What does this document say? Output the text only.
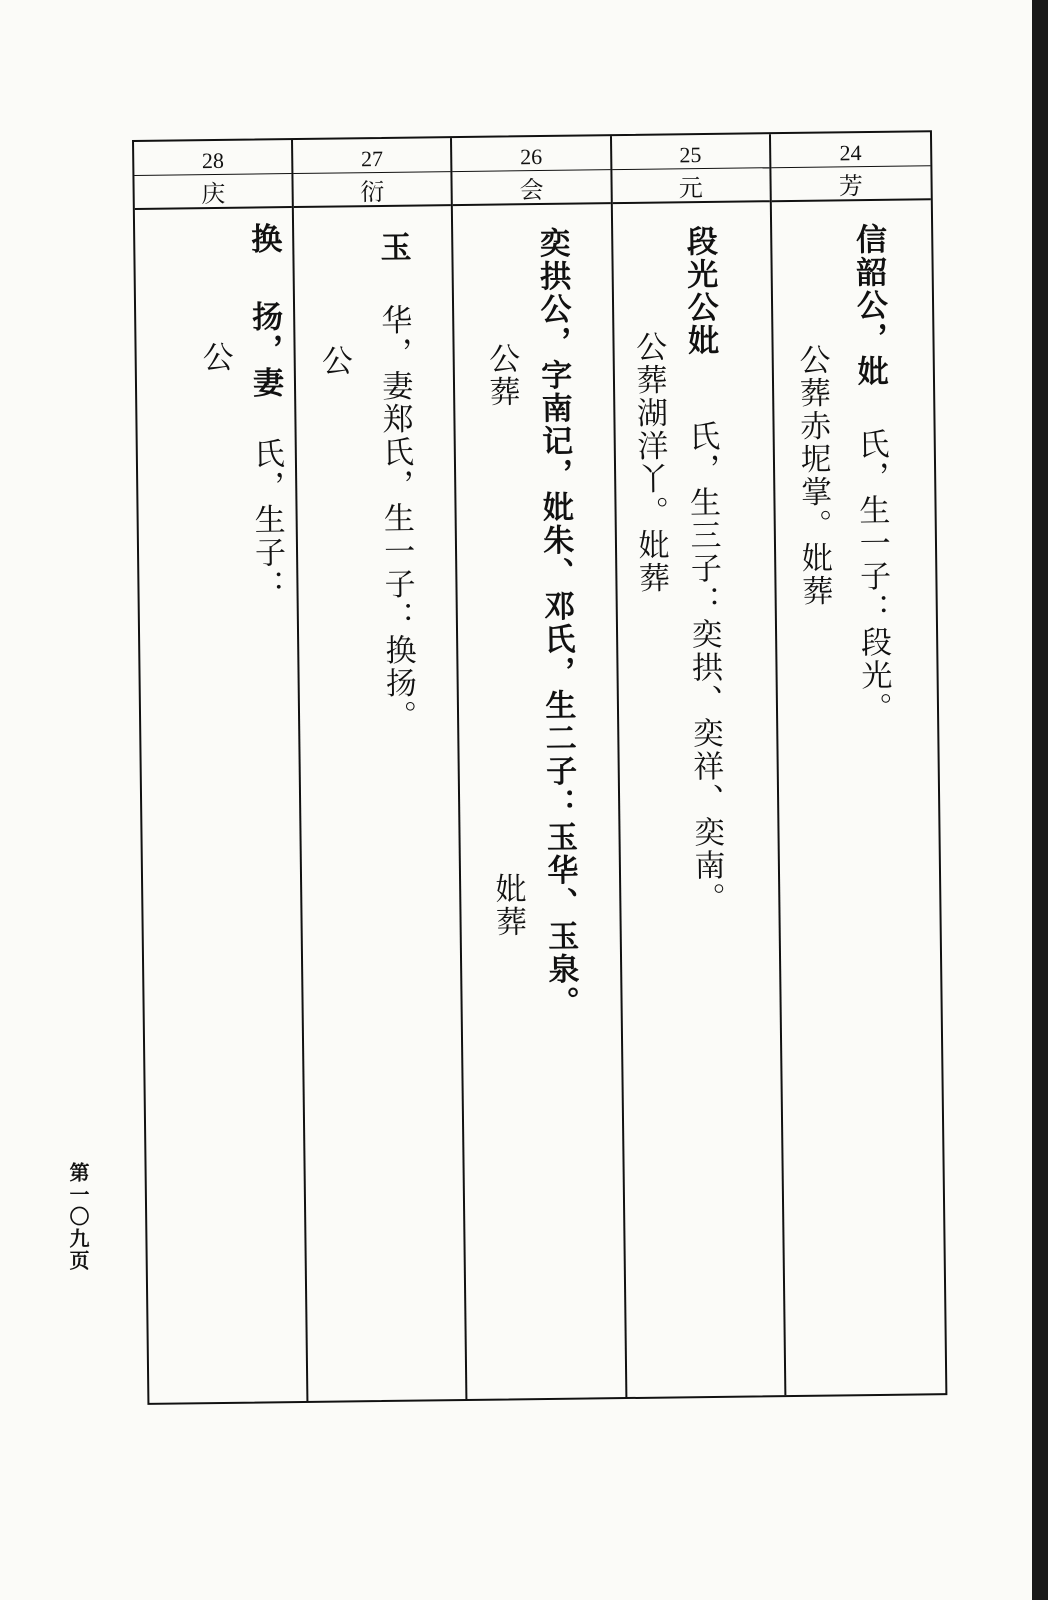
28
庆
换
扬，妻氏，生子：
公
27
衍
玉
华，妻郑氏，生一子：换扬。
公
26
会
奕拱公，字南记，妣朱、邓氏，生二子：玉华、玉泉。
公葬
妣葬
25
元
段光公妣
氏，生三子：奕拱、奕祥、奕南。
公葬湖洋丫。妣葬
24
芳
信韶公，妣
氏，生一子：段光。
公葬赤坭掌。妣葬
第一〇九页
